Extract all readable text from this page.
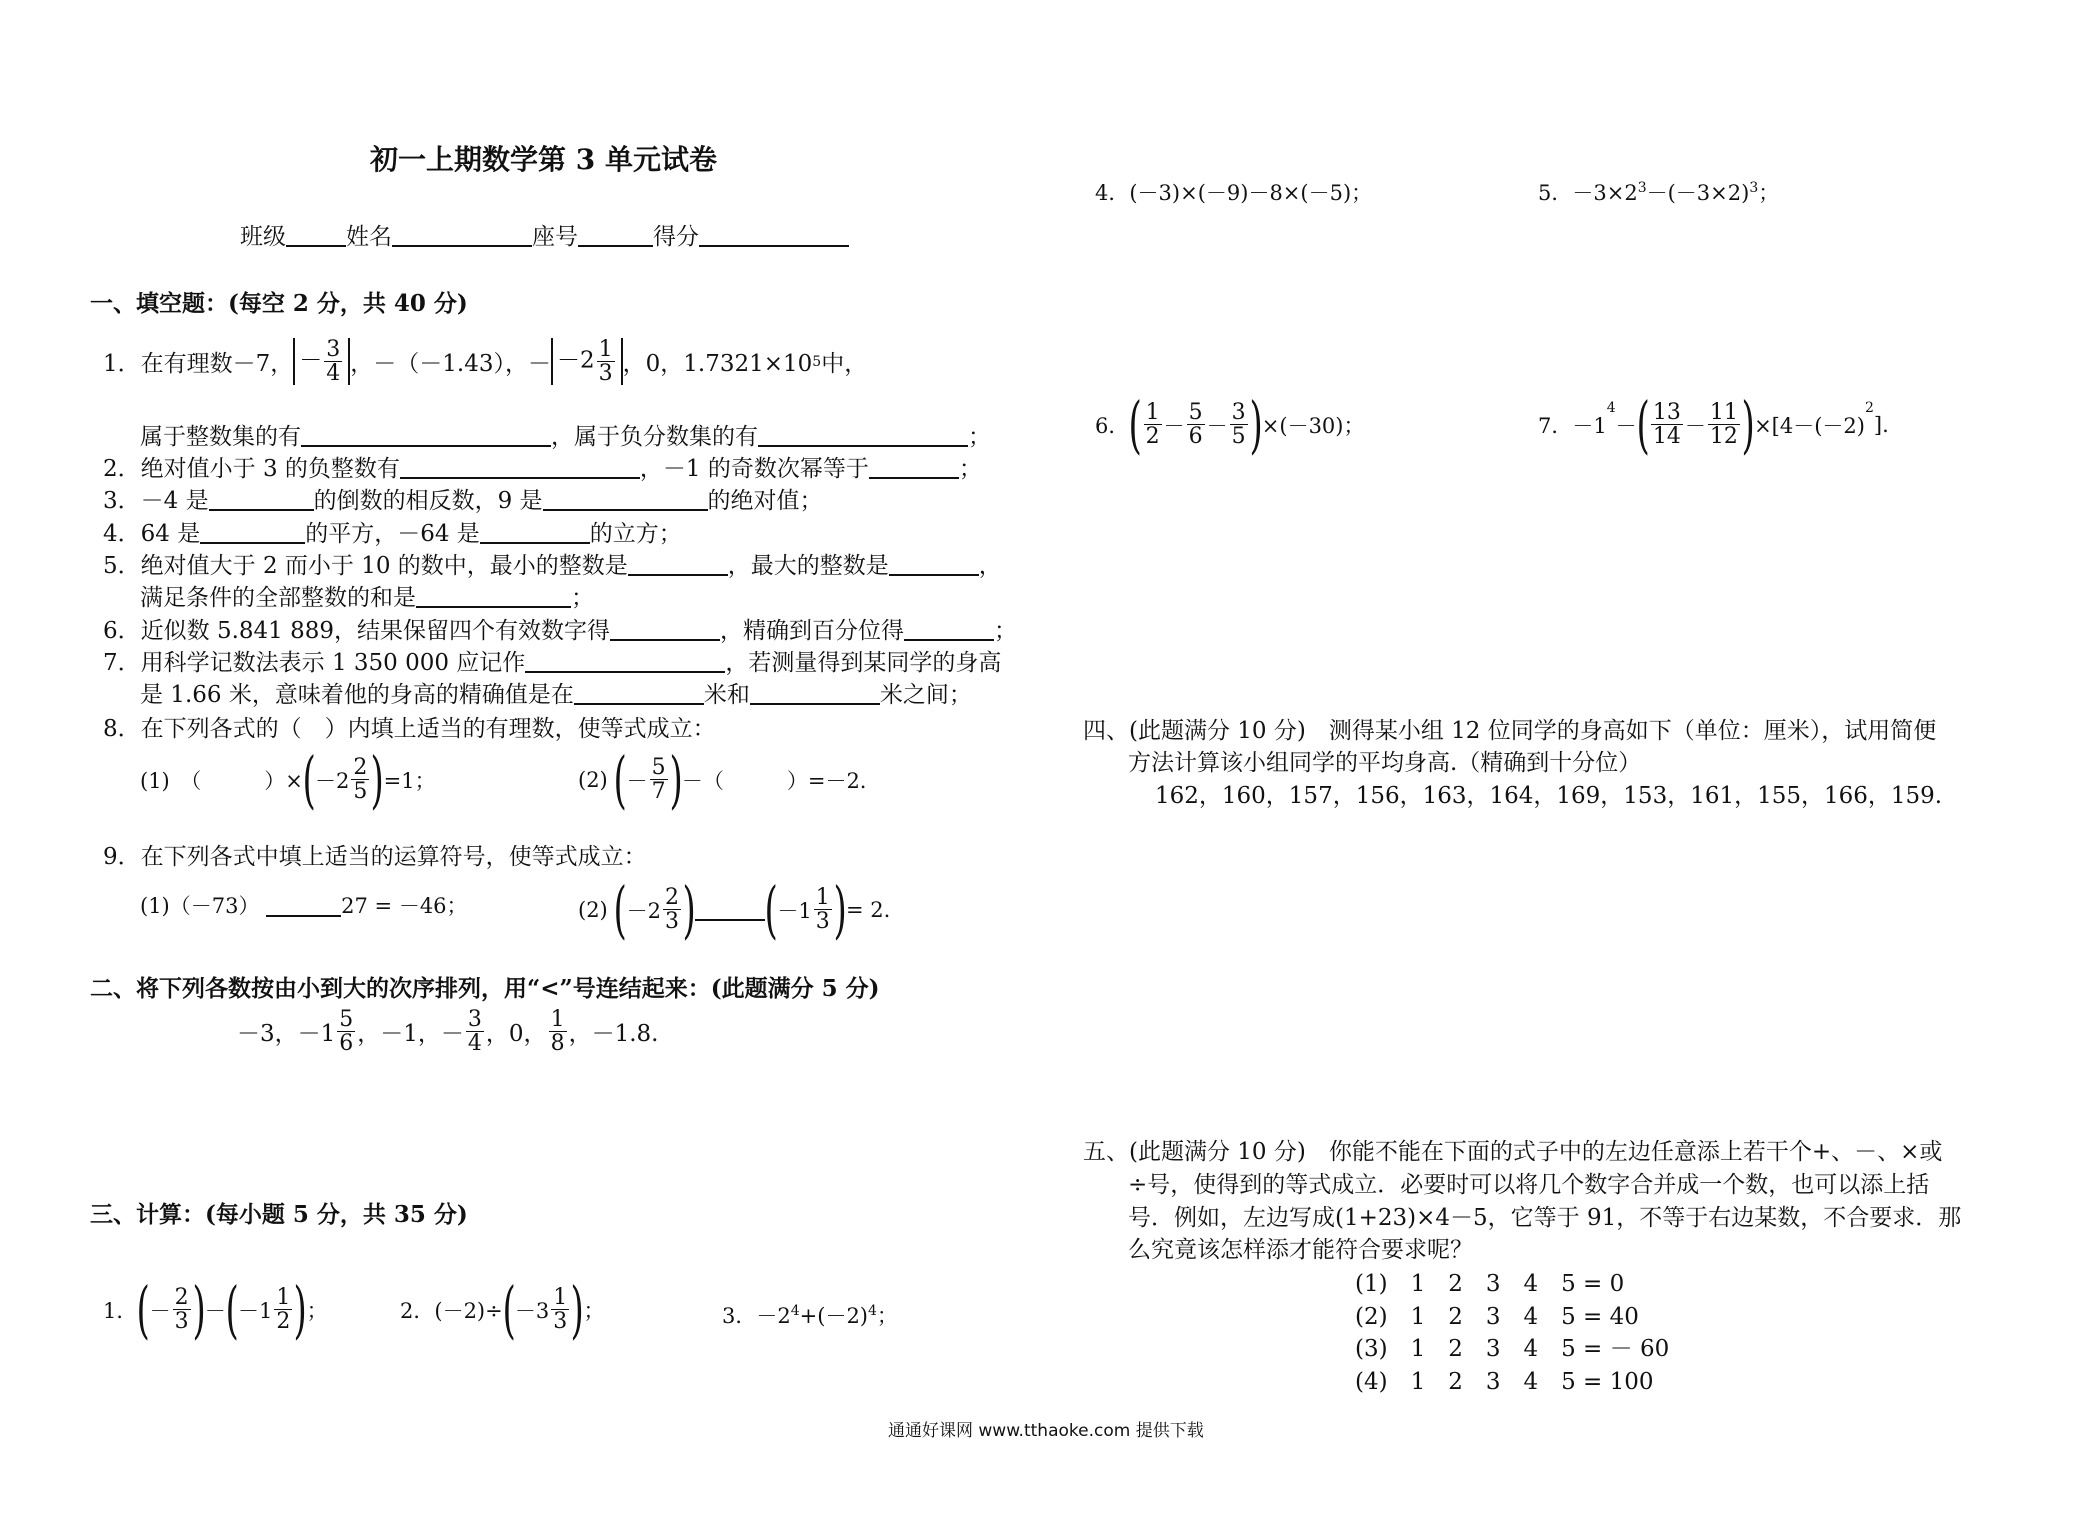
初一上期数学第 3 单元试卷
班级	姓名	座号	得分
一、填空题：(每空 2 分，共 40 分)
1．在有理数－7， － $\frac{3}{4}$ ，－（－1.43），－ $-2 \frac{1}{3}$ ，0，1.7321×10 5 中，
属于整数集的有	，属于负分数集的有	；
2．绝对值小于 3 的负整数有	，－1 的奇数次幂等于	；
3．－4 是	的倒数的相反数，9 是	的绝对值；
4．64 是	的平方，－64 是	的立方；
5．绝对值大于 2 而小于 10 的数中，最小的整数是	，最大的整数是	，
满足条件的全部整数的和是	；
6．近似数 5.841 889，结果保留四个有效数字得	，精确到百分位得	；
7．用科学记数法表示 1 350 000 应记作	，若测量得到某同学的身高
是 1.66 米，意味着他的身高的精确值是在	米和	米之间；
8．在下列各式的（　）内填上适当的有理数，使等式成立：
(1)　（　　　）× ( $-2 \frac{2}{5}$ ) =1；	(2)
( － $\frac{5}{7}$ ) －（　　　）=－2.
9．在下列各式中填上适当的运算符号，使等式成立：
(1)（－73）
	27 = －46；	(2)
( $-2 \frac{2}{3}$ ) ( $-1 \frac{1}{3}$ ) = 2.
二、将下列各数按由小到大的次序排列，用“<”号连结起来：(此题满分 5 分)
－3，$-1 \frac{5}{6}$ ，－1，－ $\frac{3}{4}$ ，0， $\frac{1}{8}$ ，－1.8.
三、计算：(每小题 5 分，共 35 分)
1． ( － $\frac{2}{3}$ ) － ( $-1 \frac{1}{2}$ ) ；	2． (－2)÷ ( $-3 \frac{1}{3}$ ) ；	3．$-2^4+(-2)^4$；
4．(－3)×(－9)－8×(－5)；	5．$-3\times 2^3-(-3\times 2)^3$；
6． ( $\frac{1}{2} - \frac{5}{6} - \frac{3}{5}$ ) ×(－30)；	7．－1
$^4$
－ ( $\frac{13}{14} - \frac{11}{12}$ ) ×[4－(－2)
$^2$
].
四、(此题满分 10 分)　测得某小组 12 位同学的身高如下（单位：厘米），试用简便
方法计算该小组同学的平均身高.（精确到十分位）
162，160，157，156，163，164，169，153，161，155，166，159.
五、(此题满分 10 分)　你能不能在下面的式子中的左边任意添上若干个+、－、×或
÷号，使得到的等式成立．必要时可以将几个数字合并成一个数，也可以添上括
号．例如，左边写成(1+23)×4－5，它等于 91，不等于右边某数，不合要求．那
么究竟该怎样添才能符合要求呢？
(1)　1　2　3　4　5 = 0
(2)　1　2　3　4　5 = 40
(3)　1　2　3　4　5 = － 60
(4)　1　2　3　4　5 = 100
通通好课网 www.tthaoke.com 提供下载
